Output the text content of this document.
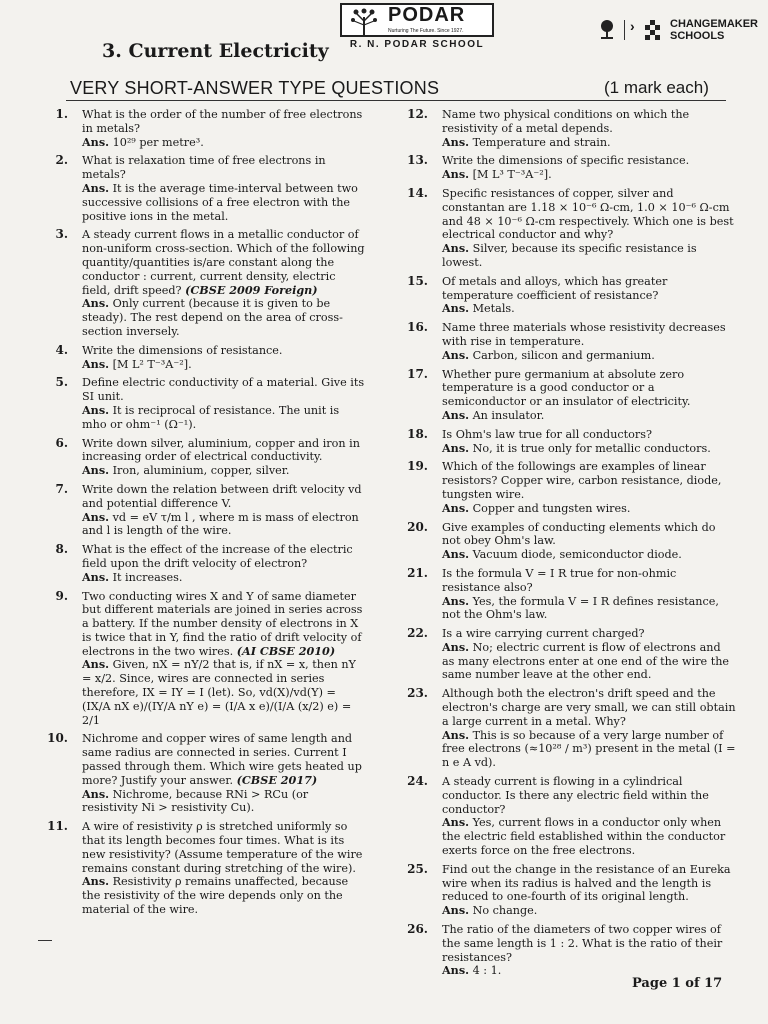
PODAR
Nurturing The Future. Since 1927.
R. N. PODAR SCHOOL
›	CHANGEMAKER
SCHOOLS
3. Current Electricity
VERY SHORT-ANSWER TYPE QUESTIONS	(1 mark each)
1. What is the order of the number of free electrons in metals?
Ans. 10²⁹ per metre³.
2. What is relaxation time of free electrons in metals?
Ans. It is the average time-interval between two successive collisions of a free electron with the positive ions in the metal.
3. A steady current flows in a metallic conductor of non-uniform cross-section. Which of the following quantity/quantities is/are constant along the conductor : current, current density, electric field, drift speed? (CBSE 2009 Foreign)
Ans. Only current (because it is given to be steady). The rest depend on the area of cross-section inversely.
4. Write the dimensions of resistance.
Ans. [M L² T⁻³A⁻²].
5. Define electric conductivity of a material. Give its SI unit.
Ans. It is reciprocal of resistance. The unit is mho or ohm⁻¹ (Ω⁻¹).
6. Write down silver, aluminium, copper and iron in increasing order of electrical conductivity.
Ans. Iron, aluminium, copper, silver.
7. Write down the relation between drift velocity vd and potential difference V.
Ans. vd = eV τ/m l , where m is mass of electron and l is length of the wire.
8. What is the effect of the increase of the electric field upon the drift velocity of electron?
Ans. It increases.
9. Two conducting wires X and Y of same diameter but different materials are joined in series across a battery. If the number density of electrons in X is twice that in Y, find the ratio of drift velocity of electrons in the two wires. (AI CBSE 2010)
Ans. Given, nX = nY/2 that is, if nX = x, then nY = x/2. Since, wires are connected in series therefore, IX = IY = I (let). So, vd(X)/vd(Y) = (IX/A nX e)/(IY/A nY e) = (I/A x e)/(I/A (x/2) e) = 2/1
10. Nichrome and copper wires of same length and same radius are connected in series. Current I passed through them. Which wire gets heated up more? Justify your answer. (CBSE 2017)
Ans. Nichrome, because RNi > RCu (or resistivity Ni > resistivity Cu).
11. A wire of resistivity ρ is stretched uniformly so that its length becomes four times. What is its new resistivity? (Assume temperature of the wire remains constant during stretching of the wire).
Ans. Resistivity ρ remains unaffected, because the resistivity of the wire depends only on the material of the wire.
12. Name two physical conditions on which the resistivity of a metal depends.
Ans. Temperature and strain.
13. Write the dimensions of specific resistance.
Ans. [M L³ T⁻³A⁻²].
14. Specific resistances of copper, silver and constantan are 1.18 × 10⁻⁶ Ω-cm, 1.0 × 10⁻⁶ Ω-cm and 48 × 10⁻⁶ Ω-cm respectively. Which one is best electrical conductor and why?
Ans. Silver, because its specific resistance is lowest.
15. Of metals and alloys, which has greater temperature coefficient of resistance?
Ans. Metals.
16. Name three materials whose resistivity decreases with rise in temperature.
Ans. Carbon, silicon and germanium.
17. Whether pure germanium at absolute zero temperature is a good conductor or a semiconductor or an insulator of electricity.
Ans. An insulator.
18. Is Ohm's law true for all conductors?
Ans. No, it is true only for metallic conductors.
19. Which of the followings are examples of linear resistors? Copper wire, carbon resistance, diode, tungsten wire.
Ans. Copper and tungsten wires.
20. Give examples of conducting elements which do not obey Ohm's law.
Ans. Vacuum diode, semiconductor diode.
21. Is the formula V = I R true for non-ohmic resistance also?
Ans. Yes, the formula V = I R defines resistance, not the Ohm's law.
22. Is a wire carrying current charged?
Ans. No; electric current is flow of electrons and as many electrons enter at one end of the wire the same number leave at the other end.
23. Although both the electron's drift speed and the electron's charge are very small, we can still obtain a large current in a metal. Why?
Ans. This is so because of a very large number of free electrons (≈10²⁸ / m³) present in the metal (I = n e A vd).
24. A steady current is flowing in a cylindrical conductor. Is there any electric field within the conductor?
Ans. Yes, current flows in a conductor only when the electric field established within the conductor exerts force on the free electrons.
25. Find out the change in the resistance of an Eureka wire when its radius is halved and the length is reduced to one-fourth of its original length.
Ans. No change.
26. The ratio of the diameters of two copper wires of the same length is 1 : 2. What is the ratio of their resistances?
Ans. 4 : 1.
Page 1 of 17
